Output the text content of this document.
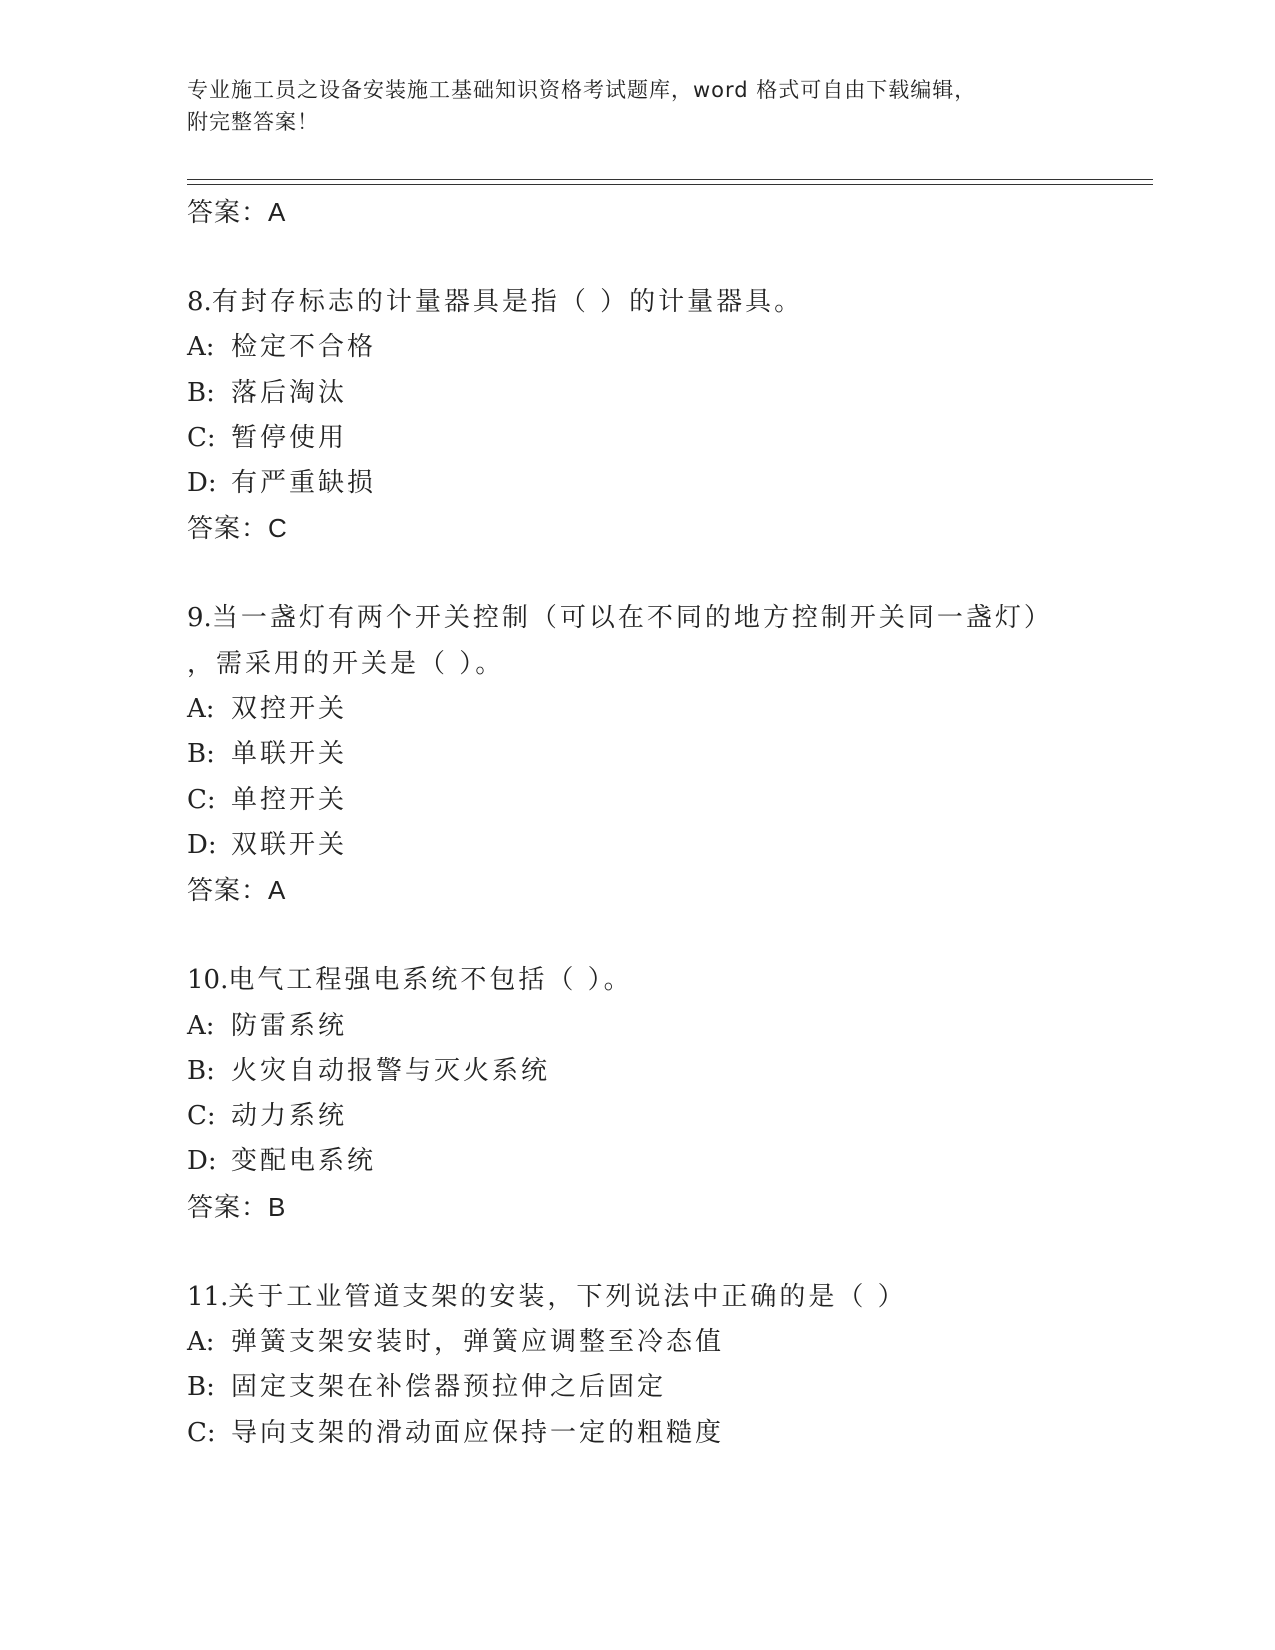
专业施工员之设备安装施工基础知识资格考试题库，word 格式可自由下载编辑，
附完整答案！
答案：A
8.有封存标志的计量器具是指（ ）的计量器具。
A: 检定不合格
B: 落后淘汰
C: 暂停使用
D: 有严重缺损
答案：C
9.当一盏灯有两个开关控制（可以在不同的地方控制开关同一盏灯）
，需采用的开关是（ ）。
A: 双控开关
B: 单联开关
C: 单控开关
D: 双联开关
答案：A
10.电气工程强电系统不包括（ ）。
A: 防雷系统
B: 火灾自动报警与灭火系统
C: 动力系统
D: 变配电系统
答案：B
11.关于工业管道支架的安装，下列说法中正确的是（ ）
A: 弹簧支架安装时，弹簧应调整至冷态值
B: 固定支架在补偿器预拉伸之后固定
C: 导向支架的滑动面应保持一定的粗糙度
